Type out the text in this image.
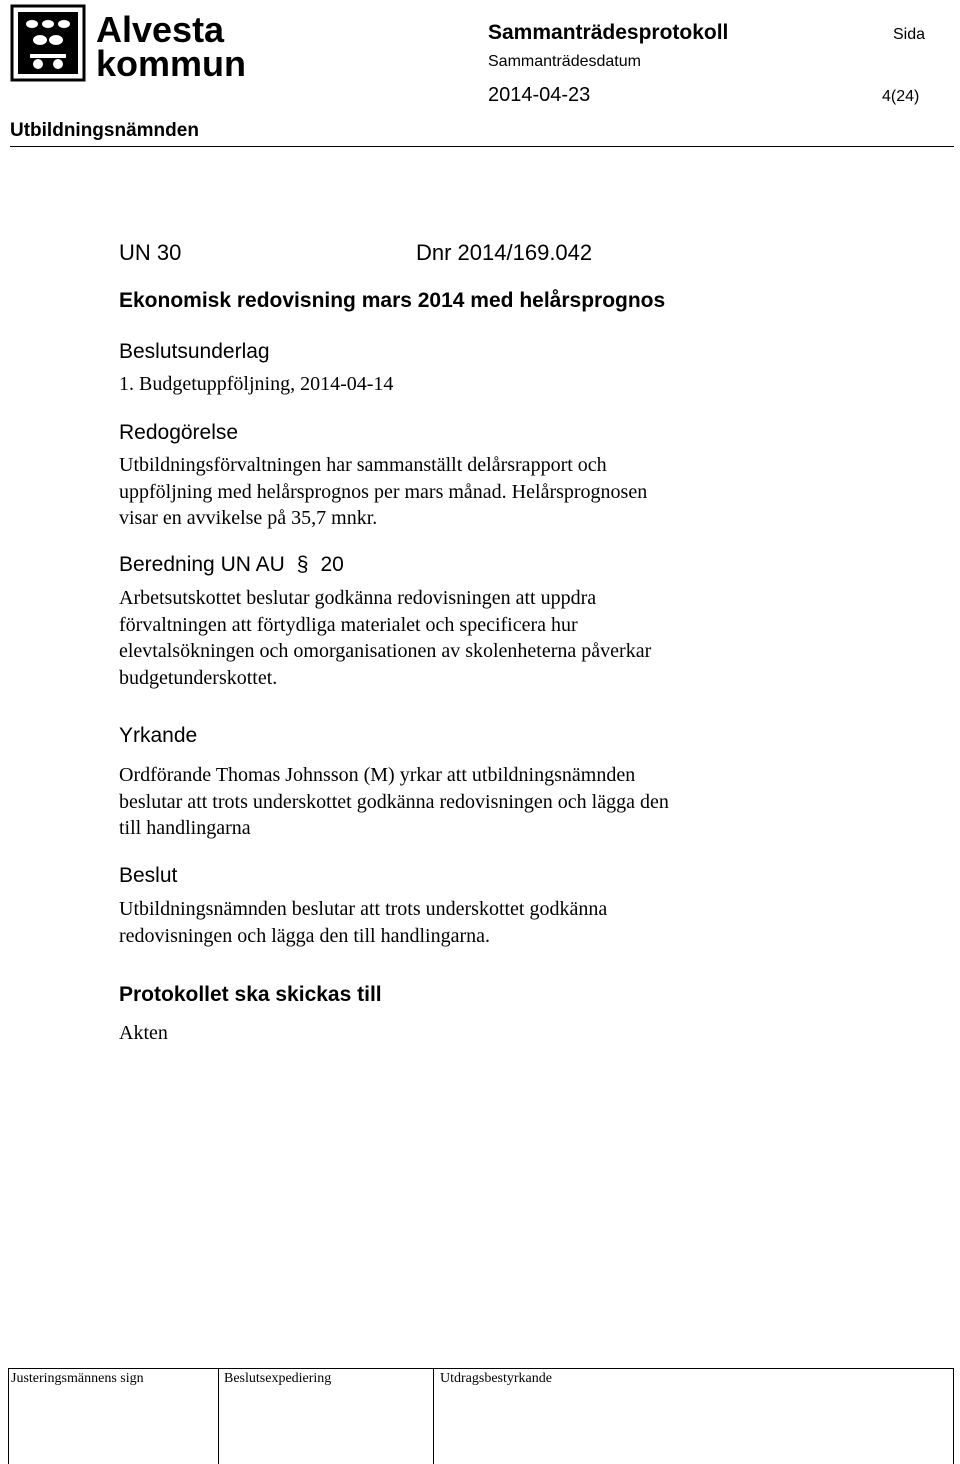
Alvesta
kommun
Sammanträdesprotokoll	Sida
Sammanträdesdatum
2014-04-23	4(24)
Utbildningsnämnden
UN 30	Dnr 2014/169.042
Ekonomisk redovisning mars 2014 med helårsprognos
Beslutsunderlag
1. Budgetuppföljning, 2014-04-14
Redogörelse
Utbildningsförvaltningen har sammanställt delårsrapport och
uppföljning med helårsprognos per mars månad. Helårsprognosen
visar en avvikelse på 35,7 mnkr.
Beredning UN AU § 20
Arbetsutskottet beslutar godkänna redovisningen att uppdra
förvaltningen att förtydliga materialet och specificera hur
elevtalsökningen och omorganisationen av skolenheterna påverkar
budgetunderskottet.
Yrkande
Ordförande Thomas Johnsson (M) yrkar att utbildningsnämnden
beslutar att trots underskottet godkänna redovisningen och lägga den
till handlingarna
Beslut
Utbildningsnämnden beslutar att trots underskottet godkänna
redovisningen och lägga den till handlingarna.
Protokollet ska skickas till
Akten
Justeringsmännens sign	Beslutsexpediering	Utdragsbestyrkande
